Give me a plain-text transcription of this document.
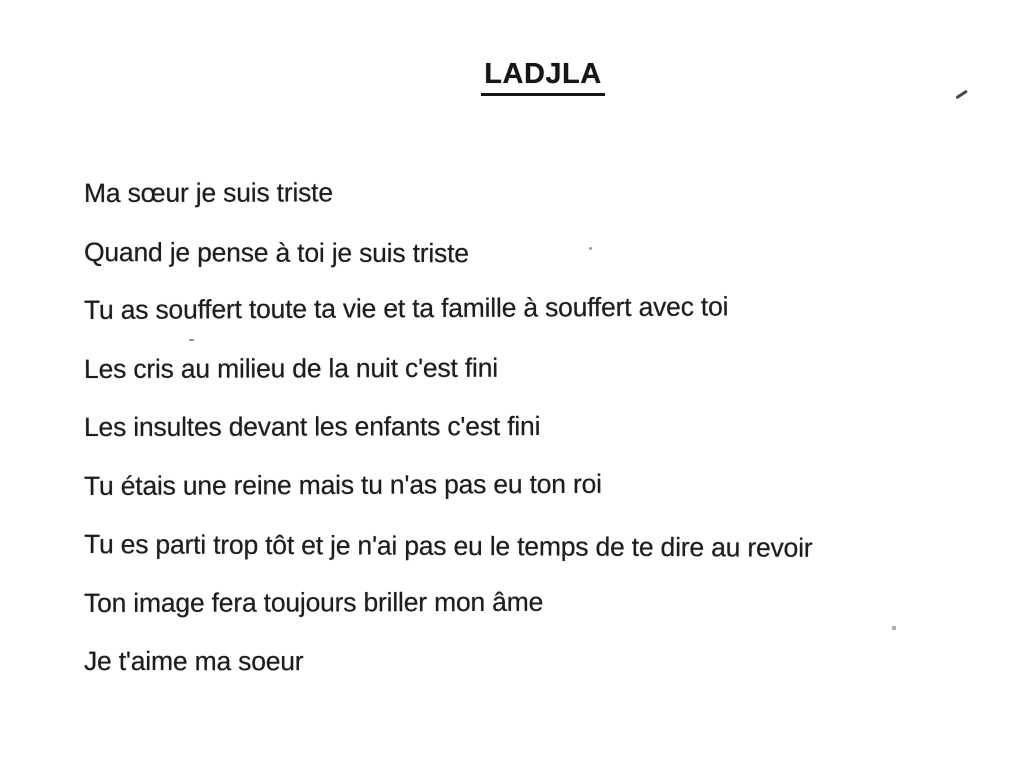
LADJLA
Ma sœur je suis triste
Quand je pense à toi je suis triste
Tu as souffert toute ta vie et ta famille à souffert avec toi
Les cris au milieu de la nuit c'est fini
Les insultes devant les enfants c'est fini
Tu étais une reine mais tu n'as pas eu ton roi
Tu es parti trop tôt et je n'ai pas eu le temps de te dire au revoir
Ton image fera toujours briller mon âme
Je t'aime ma soeur
